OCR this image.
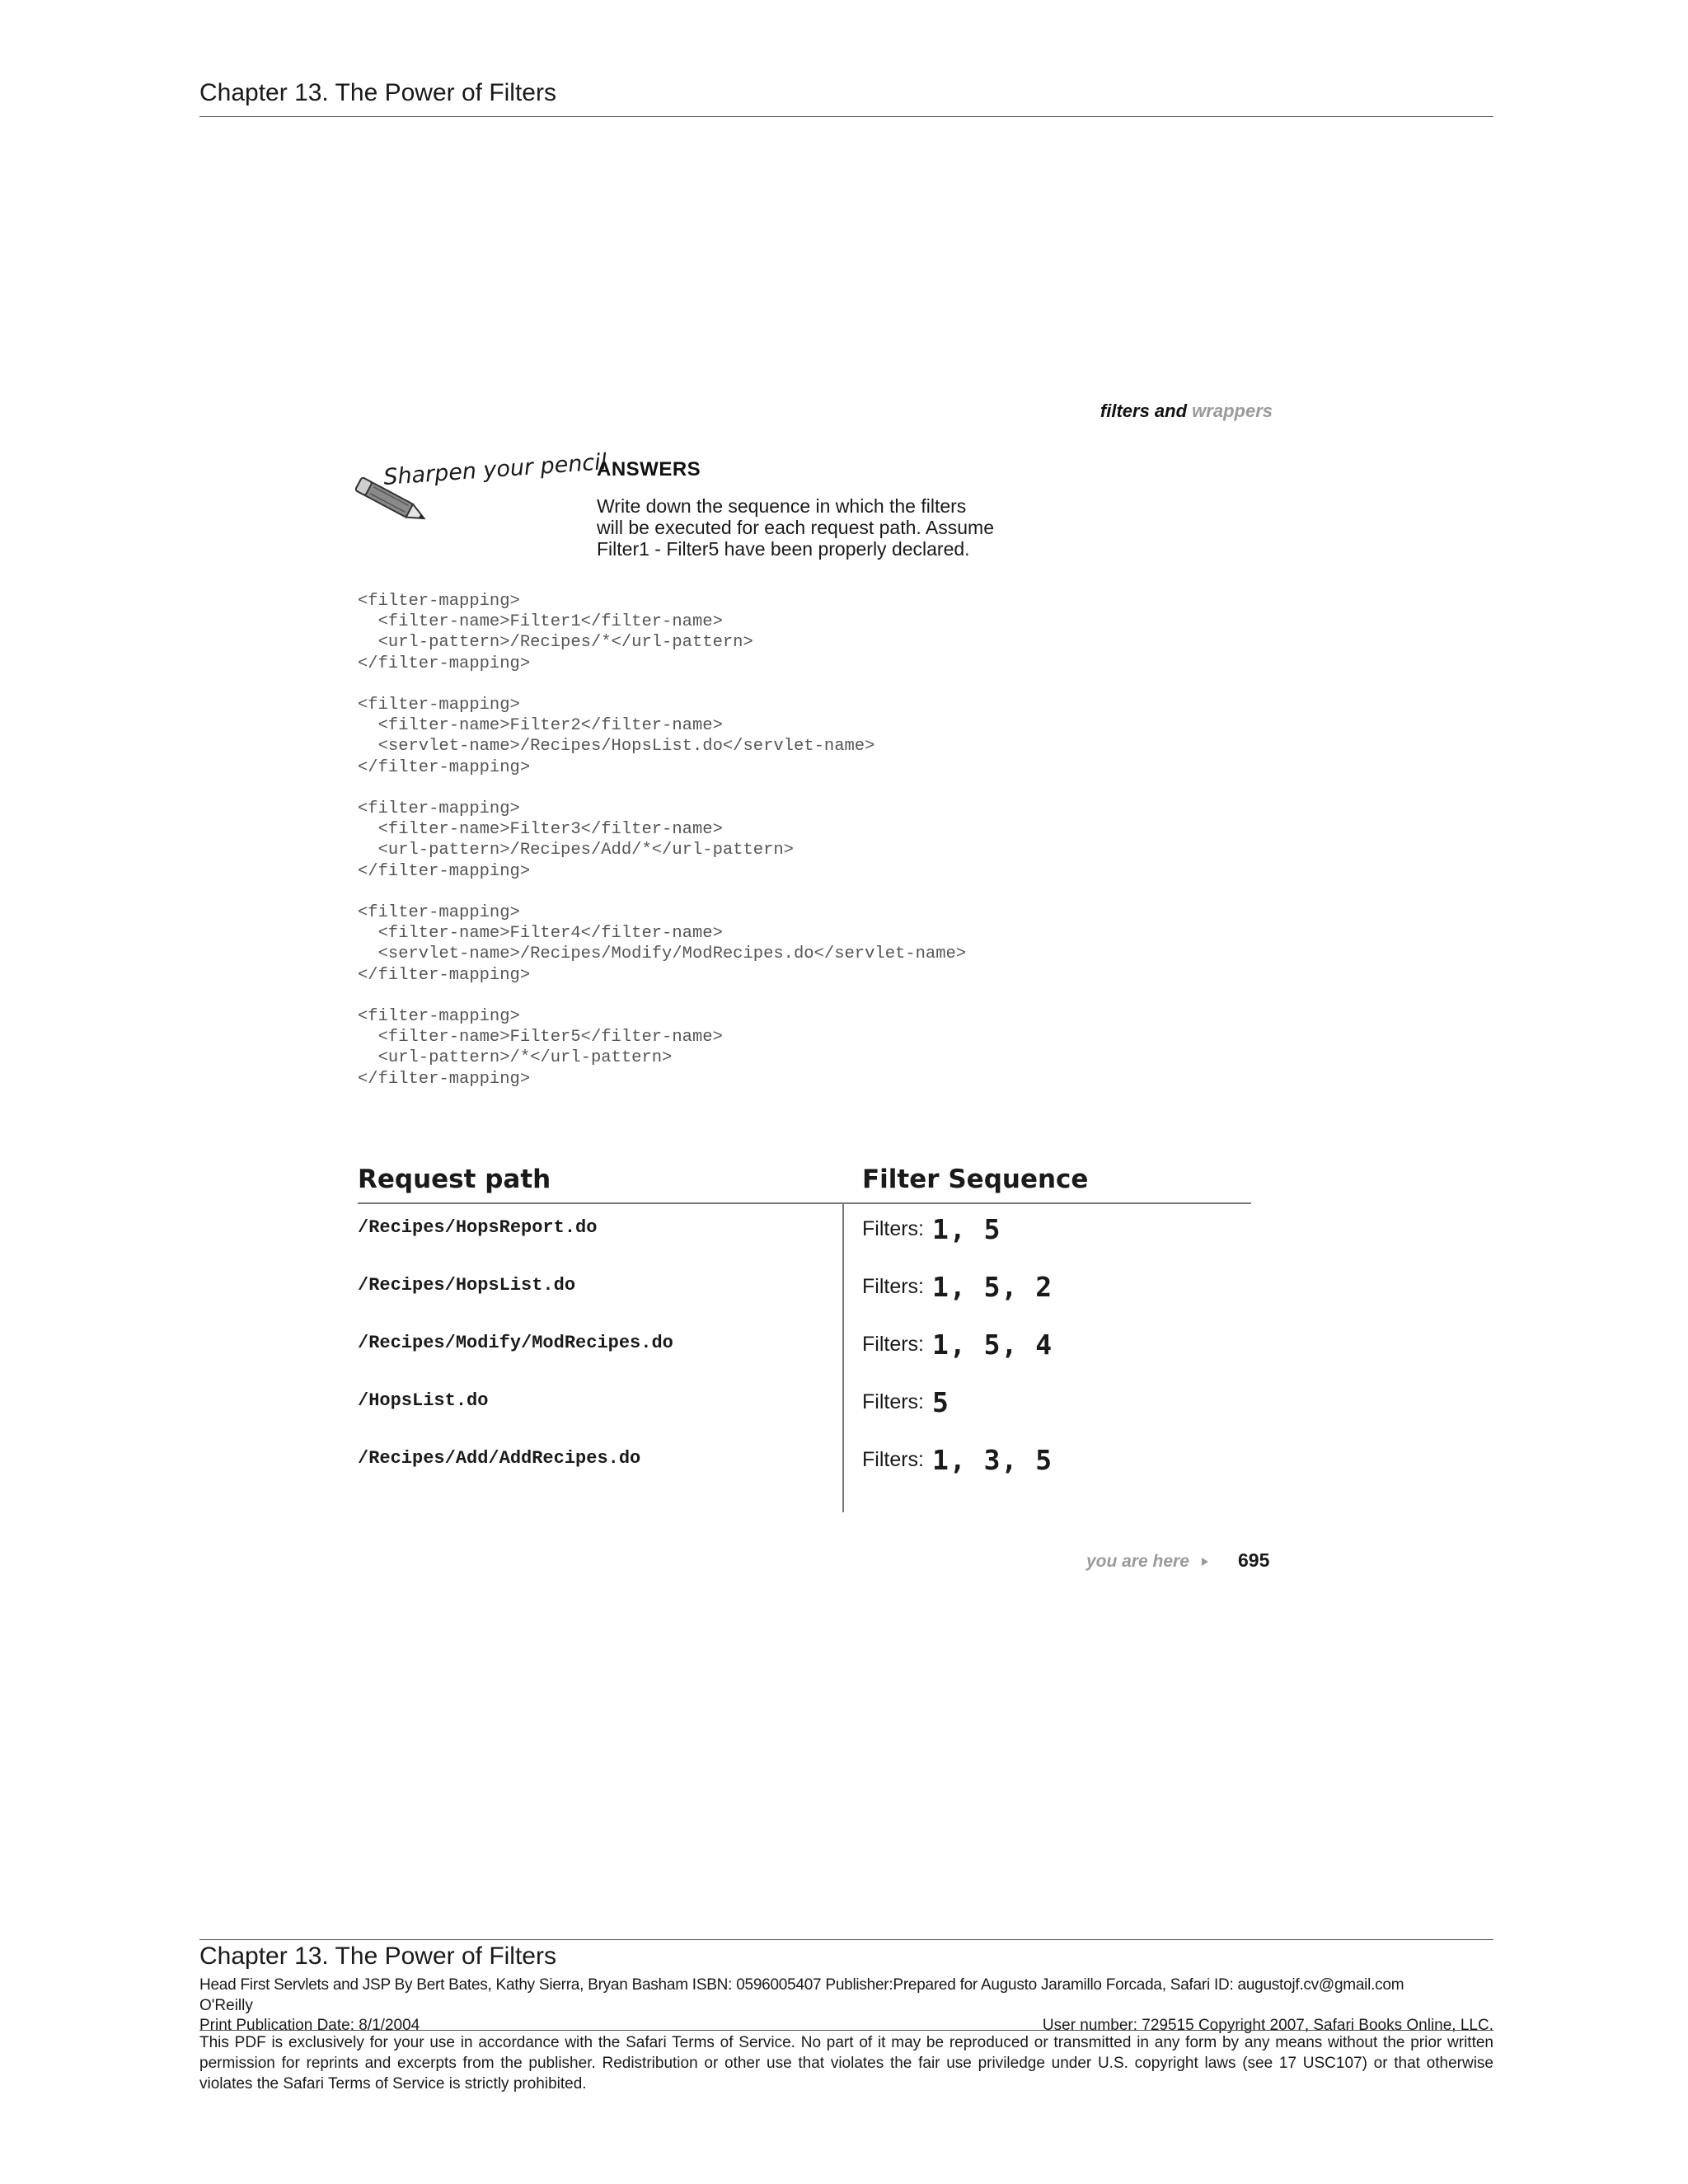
Chapter 13. The Power of Filters
filters and wrappers
Sharpen your pencil
ANSWERS
Write down the sequence in which the filters
will be executed for each request path. Assume
Filter1 - Filter5 have been properly declared.
<filter-mapping>
<filter-name>Filter1</filter-name>
<url-pattern>/Recipes/*</url-pattern>
</filter-mapping>

<filter-mapping>
<filter-name>Filter2</filter-name>
<servlet-name>/Recipes/HopsList.do</servlet-name>
</filter-mapping>

<filter-mapping>
<filter-name>Filter3</filter-name>
<url-pattern>/Recipes/Add/*</url-pattern>
</filter-mapping>

<filter-mapping>
<filter-name>Filter4</filter-name>
<servlet-name>/Recipes/Modify/ModRecipes.do</servlet-name>
</filter-mapping>

<filter-mapping>
<filter-name>Filter5</filter-name>
<url-pattern>/*</url-pattern>
</filter-mapping>
Request path	Filter Sequence
/Recipes/HopsReport.do	Filters: 1, 5
/Recipes/HopsList.do	Filters: 1, 5, 2
/Recipes/Modify/ModRecipes.do	Filters: 1, 5, 4
/HopsList.do	Filters: 5
/Recipes/Add/AddRecipes.do	Filters: 1, 3, 5
you are here	695
Chapter 13. The Power of Filters
Head First Servlets and JSP By Bert Bates, Kathy Sierra, Bryan Basham ISBN: 0596005407 Publisher:Prepared for Augusto Jaramillo Forcada, Safari ID: augustojf.cv@gmail.com
O'Reilly
Print Publication Date: 8/1/2004	User number: 729515 Copyright 2007, Safari Books Online, LLC.
This PDF is exclusively for your use in accordance with the Safari Terms of Service. No part of it may be reproduced or transmitted in any form by any means without the prior written permission for reprints and excerpts from the publisher. Redistribution or other use that violates the fair use priviledge under U.S. copyright laws (see 17 USC107) or that otherwise violates the Safari Terms of Service is strictly prohibited.
